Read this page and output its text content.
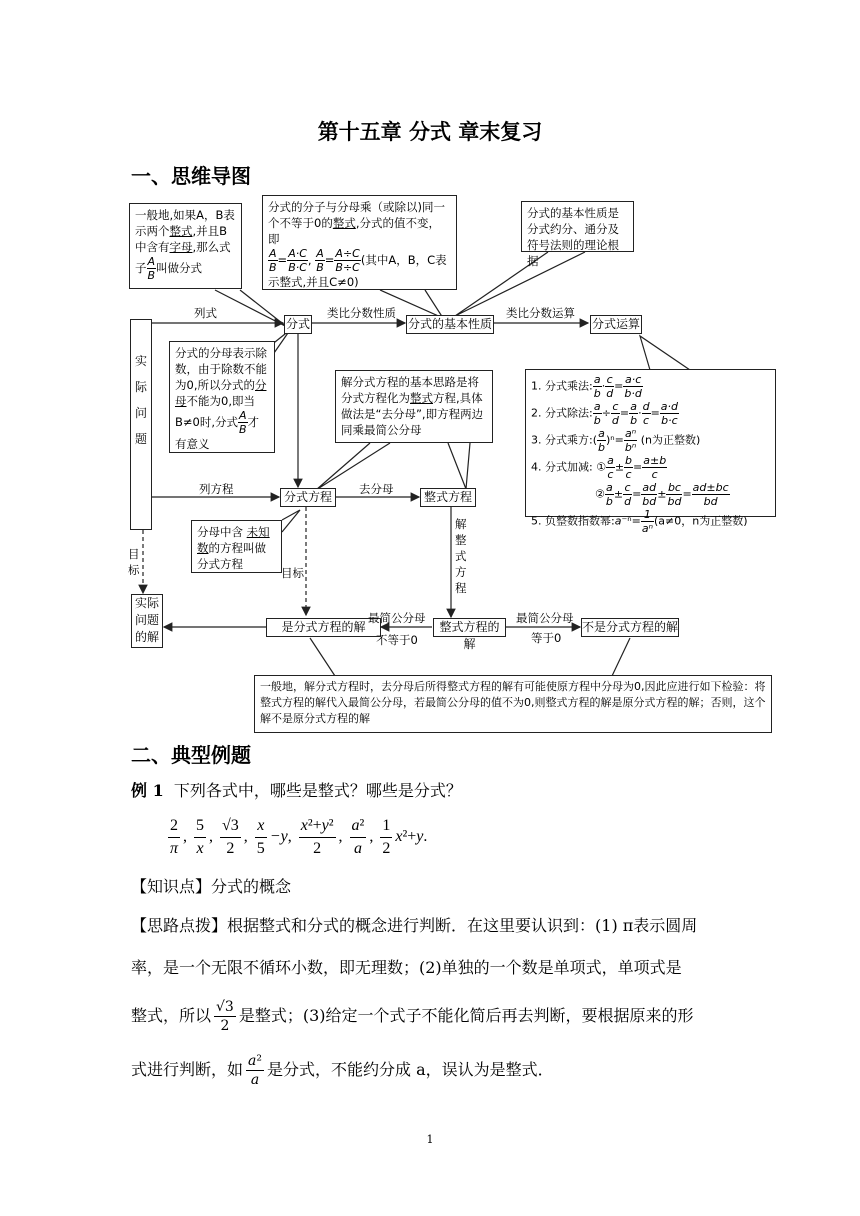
第十五章 分式 章末复习
一、思维导图
一般地,如果A，B表示两个整式,并且B中含有字母,那么式子 $\frac{A}{B}$ 叫做分式
分式的分子与分母乘（或除以)同一个不等于0的整式,分式的值不变，即

$\frac{A}{B} = \frac{A\cdot C}{B\cdot C}$ , $\frac{A}{B} = \frac{A\div C}{B\div C}$ (其中A，B，C表示整式,并且C≠0)
分式的基本性质是分式约分、通分及符号法则的理论根据
实
际
问
题
列式
分式
类比分数性质
分式的基本性质
类比分数运算
分式运算
分式的分母表示除数，由于除数不能为0,所以分式的分母不能为0,即当B≠0时,分式 $\frac{A}{B}$ 才有意义
解分式方程的基本思路是将分式方程化为整式方程,具体做法是“去分母”,即方程两边同乘最简公分母
1. 分式乘法: $\frac{a}{b} \cdot \frac{c}{d} = \frac{a\cdot c}{b\cdot d}$
2. 分式除法: $\frac{a}{b} \div \frac{c}{d} = \frac{a}{b} \cdot \frac{d}{c} = \frac{a\cdot d}{b\cdot c}$
3. 分式乘方:( $\frac{a}{b} )^n= \frac{\text{aⁿ}}{\text{bⁿ}} (n$为正整数)
4. 分式加减: ① $\frac{a}{c} \pm \frac{b}{c} = \frac{a\pm b}{c}$
② $\frac{a}{b} \pm \frac{c}{d} = \frac{ad}{bd} \pm \frac{bc}{bd} = \frac{ad\pm bc}{bd}$
5. 负整数指数幂:a⁻ⁿ= $\frac{1}{\text{aⁿ}} (a\ne 0$，n为正整数)
列方程
分式方程
去分母
整式方程
解
整
式
方
程
分母中含 未知数的方程叫做分式方程
目标	目标
实际
问题
的解
是分式方程的解
最简公分母
不等于0
整式方程的解
最简公分母
等于0
不是分式方程的解
一般地，解分式方程时，去分母后所得整式方程的解有可能使原方程中分母为0,因此应进行如下检验：将整式方程的解代入最简公分母，若最简公分母的值不为0,则整式方程的解是原分式方程的解；否则，这个解不是原分式方程的解
二、典型例题
例 1 下列各式中，哪些是整式？哪些是分式？
$\frac{2}{\pi}$ , $\frac{5}{x}$ , $\frac{√3}{2}$ , $\frac{x}{5} -y$, $\frac{\text{x²+y²}}{2}$ , $\frac{\text{a²}}{a}$ , $\frac{1}{2} x^2+y$.
【知识点】分式的概念
【思路点拨】根据整式和分式的概念进行判断．在这里要认识到：(1) π表示圆周
率，是一个无限不循环小数，即无理数；(2)单独的一个数是单项式，单项式是
整式，所以 $\frac{√3}{2}$ 是整式；(3)给定一个式子不能化简后再去判断，要根据原来的形
式进行判断，如 $\frac{\text{a²}}{a}$ 是分式，不能约分成 a，误认为是整式．
1
